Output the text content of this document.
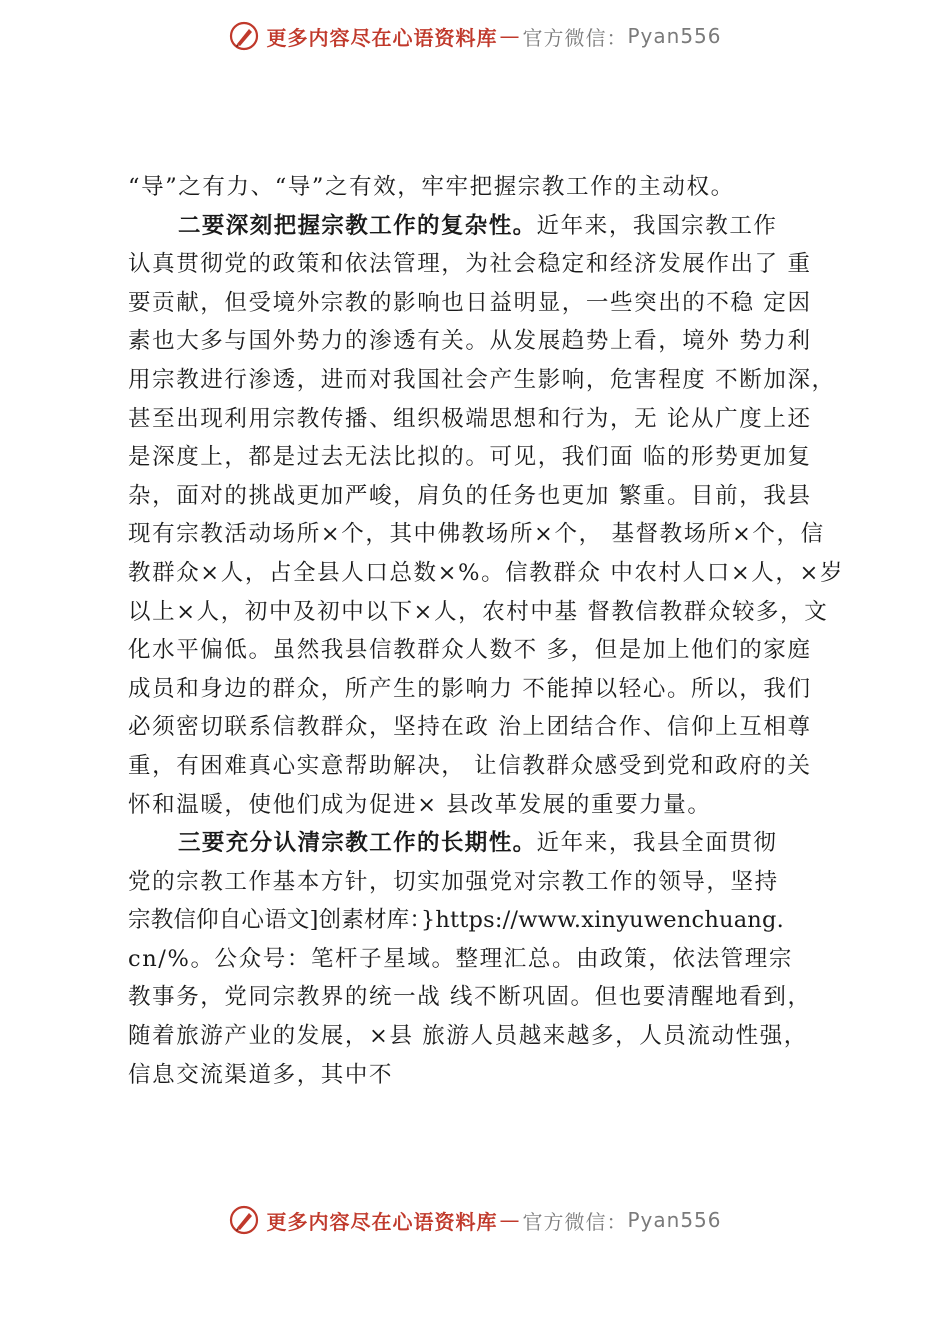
更多内容尽在心语资料库 — 官方微信： Pyan556
“导”之有力、“导”之有效，牢牢把握宗教工作的主动权。
二要深刻把握宗教工作的复杂性。近年来，我国宗教工作
认真贯彻党的政策和依法管理，为社会稳定和经济发展作出了 重
要贡献，但受境外宗教的影响也日益明显，一些突出的不稳 定因
素也大多与国外势力的渗透有关。从发展趋势上看，境外 势力利
用宗教进行渗透，进而对我国社会产生影响，危害程度 不断加深，
甚至出现利用宗教传播、组织极端思想和行为，无 论从广度上还
是深度上，都是过去无法比拟的。可见，我们面 临的形势更加复
杂，面对的挑战更加严峻，肩负的任务也更加 繁重。目前，我县
现有宗教活动场所×个，其中佛教场所×个， 基督教场所×个，信
教群众×人，占全县人口总数×%。信教群众 中农村人口×人，×岁
以上×人，初中及初中以下×人，农村中基 督教信教群众较多，文
化水平偏低。虽然我县信教群众人数不 多，但是加上他们的家庭
成员和身边的群众，所产生的影响力 不能掉以轻心。所以，我们
必须密切联系信教群众，坚持在政 治上团结合作、信仰上互相尊
重，有困难真心实意帮助解决， 让信教群众感受到党和政府的关
怀和温暖，使他们成为促进× 县改革发展的重要力量。
三要充分认清宗教工作的长期性。近年来，我县全面贯彻
党的宗教工作基本方针，切实加强党对宗教工作的领导，坚持
宗教信仰自心语文]创素材库：}https://www.xinyuwenchuang.
cn/%。公众号：笔杆子星域。整理汇总。由政策，依法管理宗
教事务，党同宗教界的统一战 线不断巩固。但也要清醒地看到，
随着旅游产业的发展，×县 旅游人员越来越多，人员流动性强，
信息交流渠道多，其中不
更多内容尽在心语资料库 — 官方微信： Pyan556
